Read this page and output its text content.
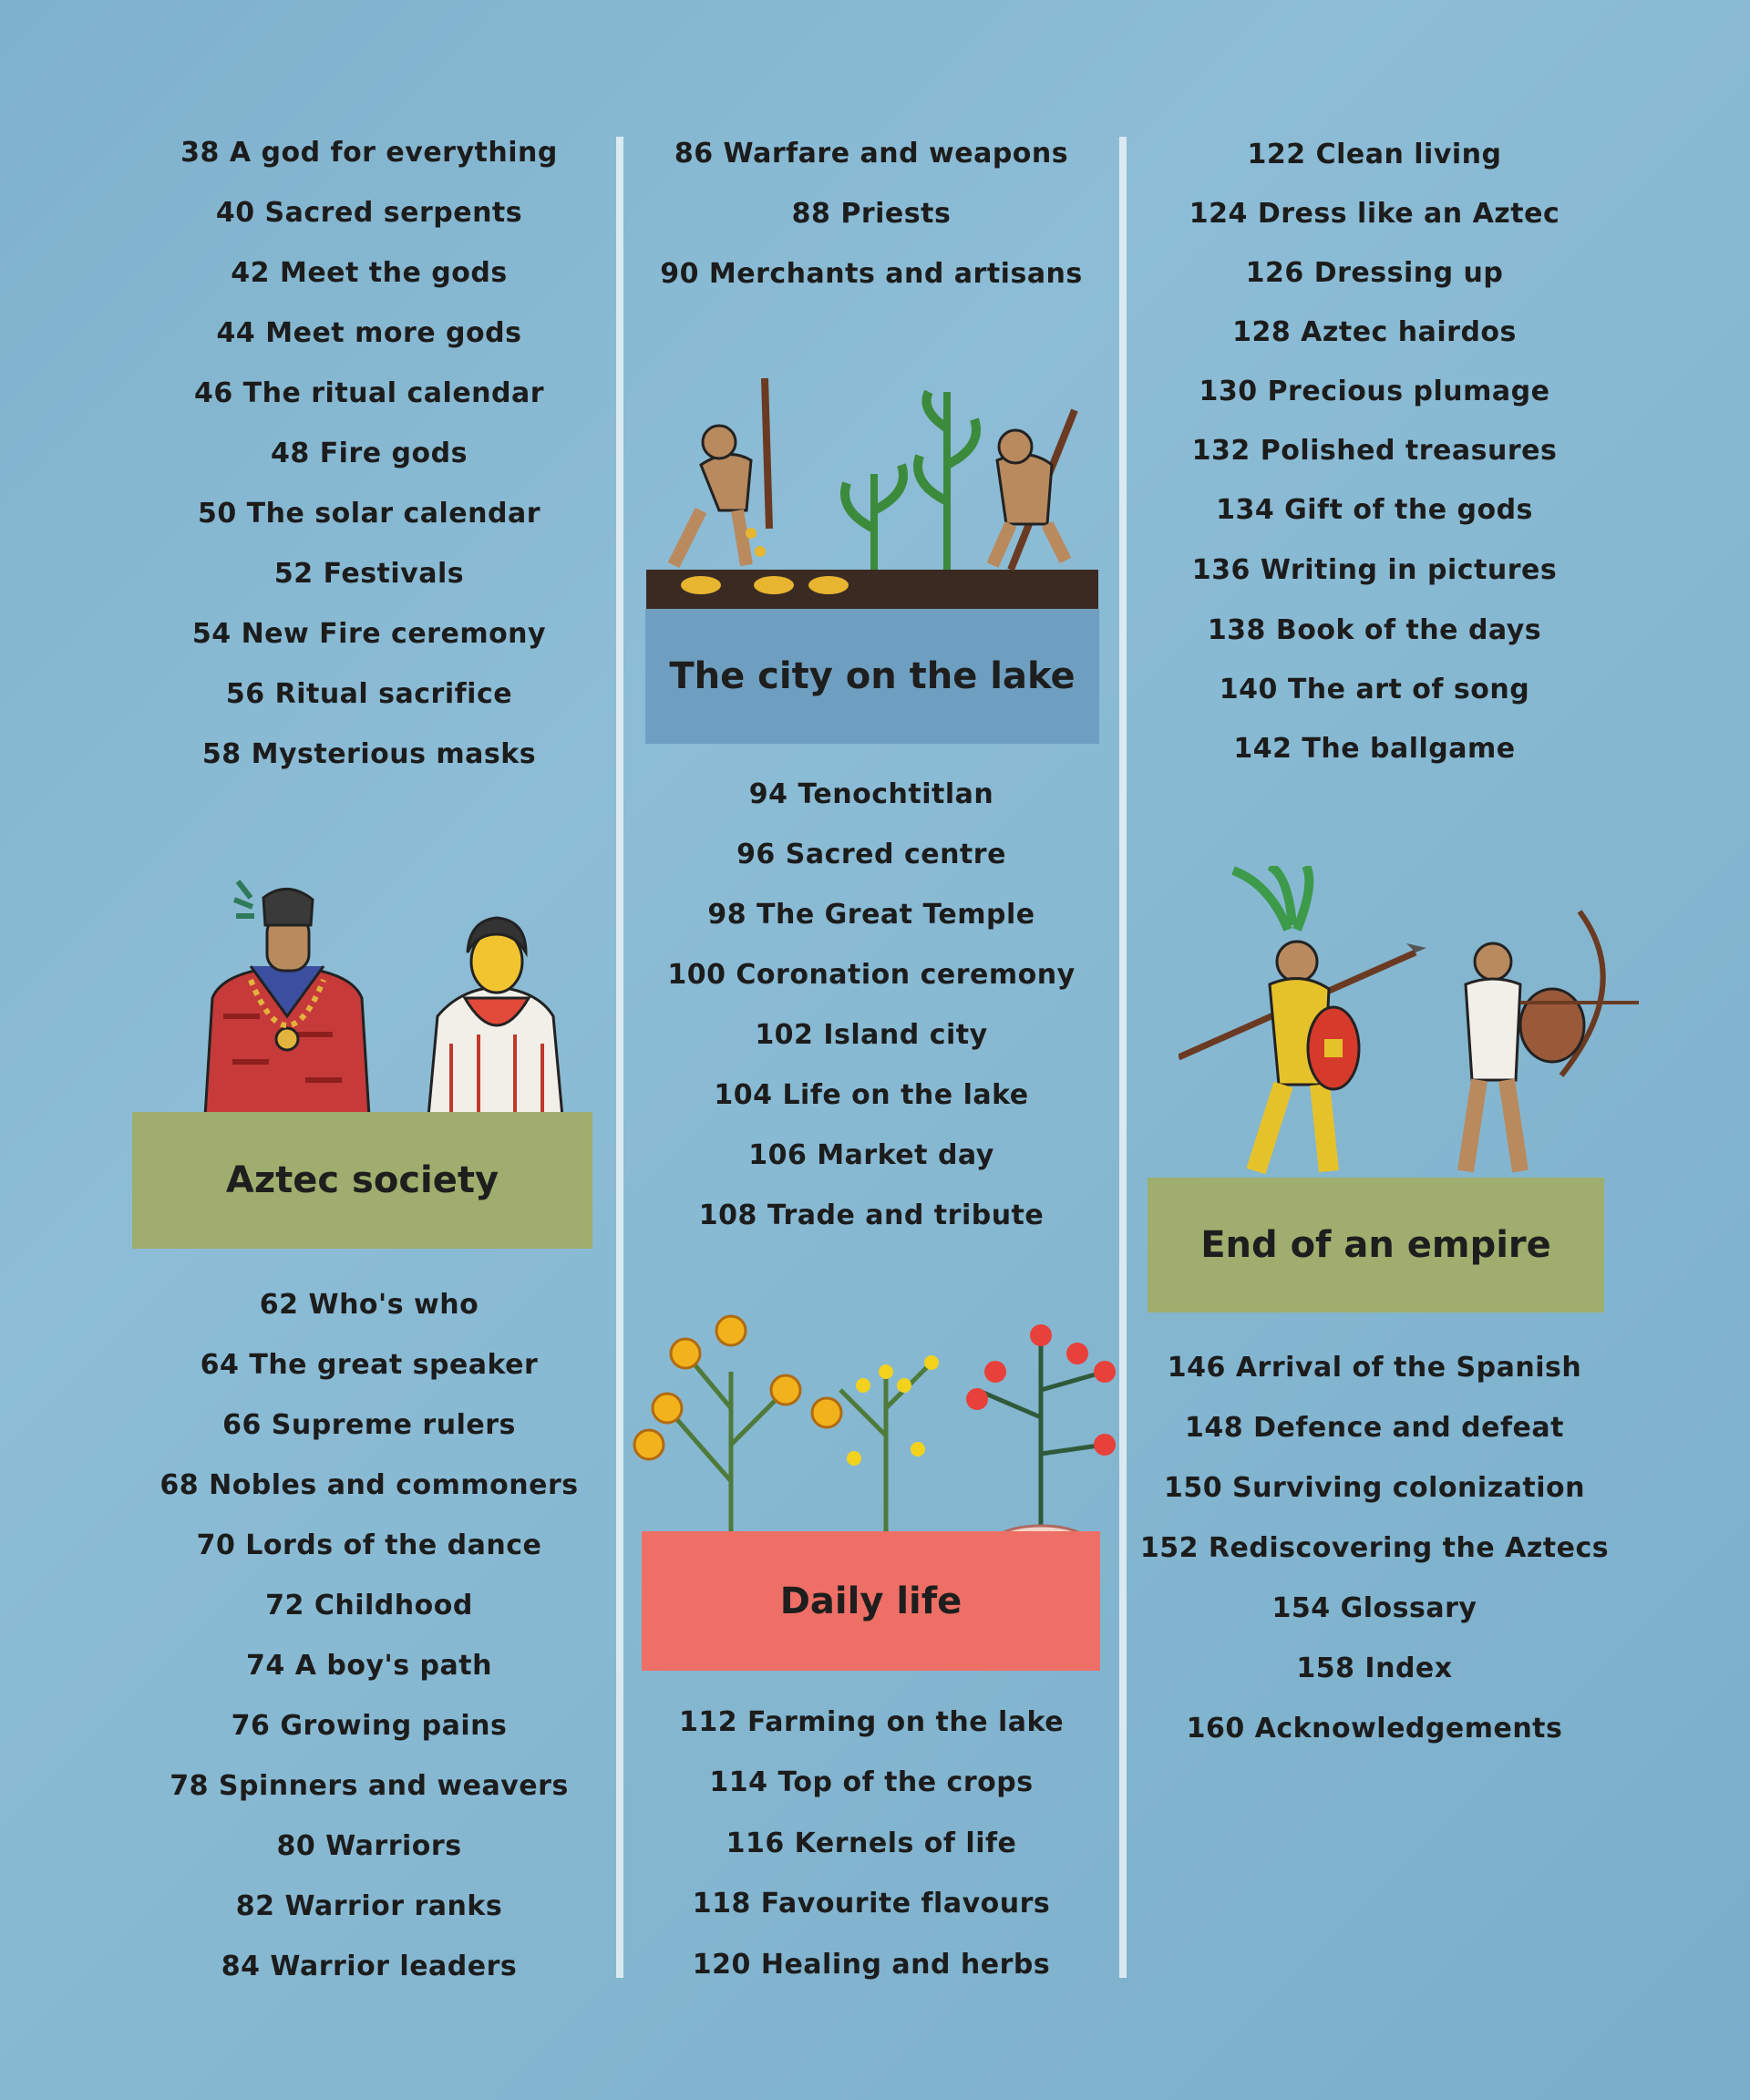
38 A god for everything
40 Sacred serpents
42 Meet the gods
44 Meet more gods
46 The ritual calendar
48 Fire gods
50 The solar calendar
52 Festivals
54 New Fire ceremony
56 Ritual sacrifice
58 Mysterious masks
Aztec society
62 Who's who
64 The great speaker
66 Supreme rulers
68 Nobles and commoners
70 Lords of the dance
72 Childhood
74 A boy's path
76 Growing pains
78 Spinners and weavers
80 Warriors
82 Warrior ranks
84 Warrior leaders
86 Warfare and weapons
88 Priests
90 Merchants and artisans
The city on the lake
94 Tenochtitlan
96 Sacred centre
98 The Great Temple
100 Coronation ceremony
102 Island city
104 Life on the lake
106 Market day
108 Trade and tribute
Daily life
112 Farming on the lake
114 Top of the crops
116 Kernels of life
118 Favourite flavours
120 Healing and herbs
122 Clean living
124 Dress like an Aztec
126 Dressing up
128 Aztec hairdos
130 Precious plumage
132 Polished treasures
134 Gift of the gods
136 Writing in pictures
138 Book of the days
140 The art of song
142 The ballgame
End of an empire
146 Arrival of the Spanish
148 Defence and defeat
150 Surviving colonization
152 Rediscovering the Aztecs
154 Glossary
158 Index
160 Acknowledgements
